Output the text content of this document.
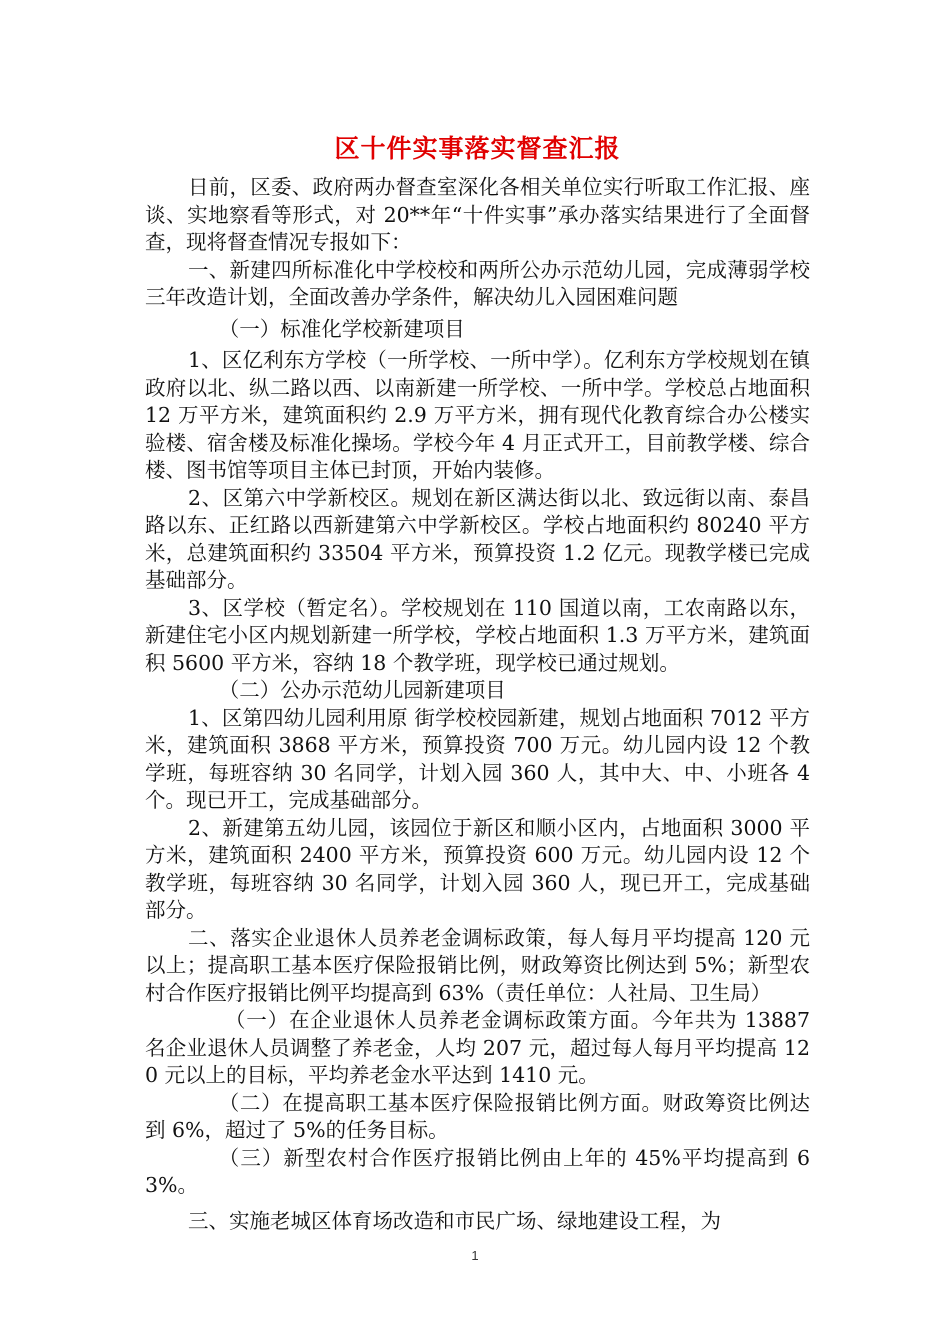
区十件实事落实督查汇报

日前，区委、政府两办督查室深化各相关单位实行听取工作汇报、座谈、实地察看等形式，对 20**年“十件实事”承办落实结果进行了全面督查，现将督查情况专报如下：

一、新建四所标准化中学校校和两所公办示范幼儿园，完成薄弱学校三年改造计划，全面改善办学条件，解决幼儿入园困难问题

（一）标准化学校新建项目

1、区亿利东方学校（一所学校、一所中学）。亿利东方学校规划在镇政府以北、纵二路以西、以南新建一所学校、一所中学。学校总占地面积 12 万平方米，建筑面积约 2.9 万平方米，拥有现代化教育综合办公楼实验楼、宿舍楼及标准化操场。学校今年 4 月正式开工，目前教学楼、综合楼、图书馆等项目主体已封顶，开始内装修。

2、区第六中学新校区。规划在新区满达街以北、致远街以南、泰昌路以东、正红路以西新建第六中学新校区。学校占地面积约 80240 平方米，总建筑面积约 33504 平方米，预算投资 1.2 亿元。现教学楼已完成基础部分。

3、区学校（暂定名）。学校规划在 110 国道以南，工农南路以东，新建住宅小区内规划新建一所学校，学校占地面积 1.3 万平方米，建筑面积 5600 平方米，容纳 18 个教学班，现学校已通过规划。

（二）公办示范幼儿园新建项目

1、区第四幼儿园利用原 街学校校园新建，规划占地面积 7012 平方米，建筑面积 3868 平方米，预算投资 700 万元。幼儿园内设 12 个教学班，每班容纳 30 名同学，计划入园 360 人，其中大、中、小班各 4 个。现已开工，完成基础部分。

2、新建第五幼儿园，该园位于新区和顺小区内，占地面积 3000 平方米，建筑面积 2400 平方米，预算投资 600 万元。幼儿园内设 12 个教学班，每班容纳 30 名同学，计划入园 360 人，现已开工，完成基础部分。

二、落实企业退休人员养老金调标政策，每人每月平均提高 120 元以上；提高职工基本医疗保险报销比例，财政筹资比例达到 5%；新型农村合作医疗报销比例平均提高到 63%（责任单位：人社局、卫生局）

（一）在企业退休人员养老金调标政策方面。今年共为 13887 名企业退休人员调整了养老金，人均 207 元，超过每人每月平均提高 120 元以上的目标，平均养老金水平达到 1410 元。

（二）在提高职工基本医疗保险报销比例方面。财政筹资比例达到 6%，超过了 5%的任务目标。

（三）新型农村合作医疗报销比例由上年的 45%平均提高到 63%。

三、实施老城区体育场改造和市民广场、绿地建设工程，为

1
